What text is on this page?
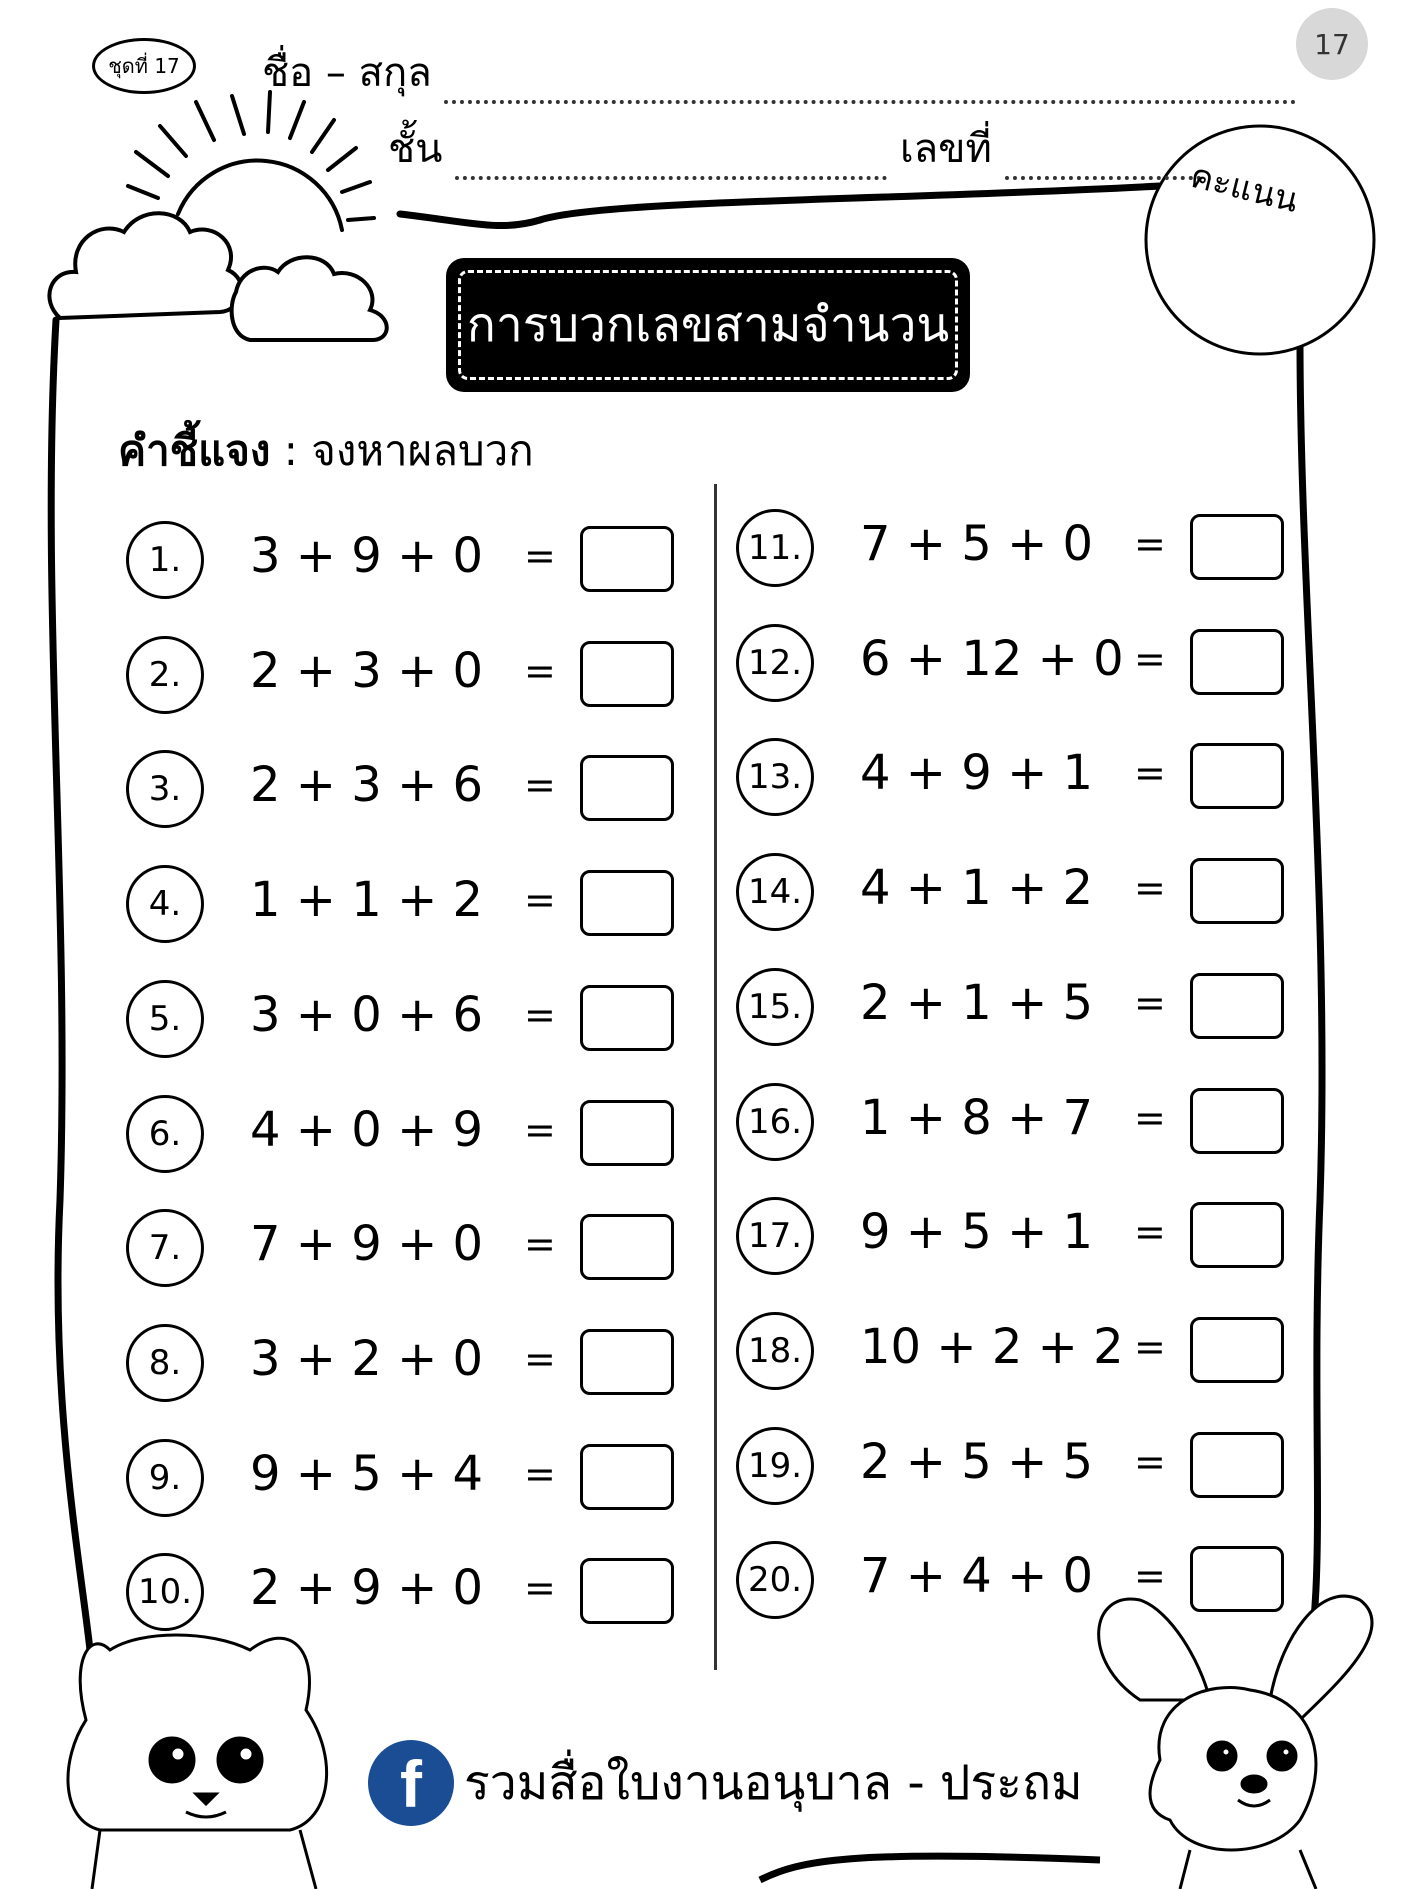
17
ชุดที่ 17	ชื่อ – สกุล
ชั้น	เลขที่
คะแนน
การบวกเลขสามจำนวน
คำชี้แจง : จงหาผลบวก
1.	3 + 9 + 0 =
2.	2 + 3 + 0 =
3.	2 + 3 + 6 =
4.	1 + 1 + 2 =
5.	3 + 0 + 6 =
6.	4 + 0 + 9 =
7.	7 + 9 + 0 =
8.	3 + 2 + 0 =
9.	9 + 5 + 4 =
10. 2 + 9 + 0 =
11. 7 + 5 + 0 =
12. 6 + 12 + 0 =
13. 4 + 9 + 1 =
14. 4 + 1 + 2 =
15. 2 + 1 + 5 =
16. 1 + 8 + 7 =
17. 9 + 5 + 1 =
18. 10 + 2 + 2 =
19. 2 + 5 + 5 =
20. 7 + 4 + 0 =
f รวมสื่อใบงานอนุบาล - ประถม
